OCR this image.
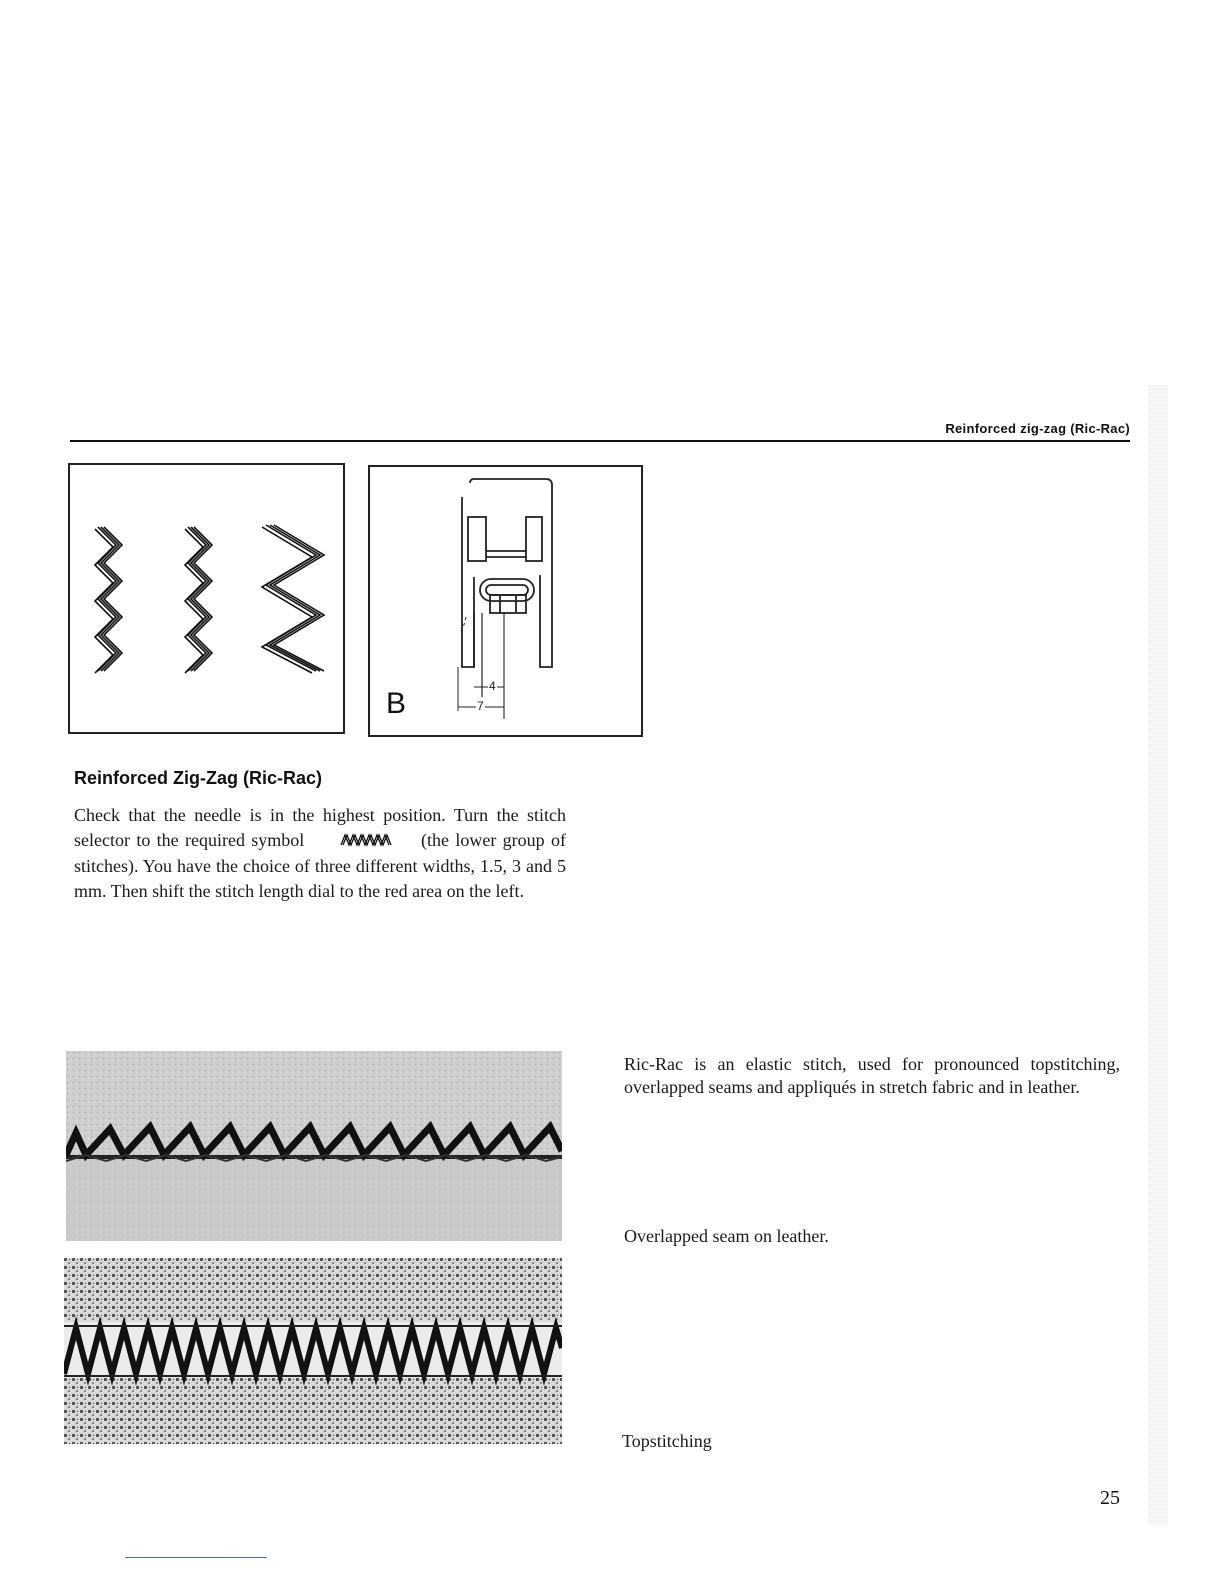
Reinforced zig-zag (Ric-Rac)
4
7
B
Reinforced Zig-Zag (Ric-Rac)
Check that the needle is in the highest position. Turn the stitch selector to the required symbol	(the lower group of stitches). You have the choice of three different widths, 1.5, 3 and 5 mm. Then shift the stitch length dial to the red area on the left.
Ric-Rac is an elastic stitch, used for pronounced topstitching, overlapped seams and appliqués in stretch fabric and in leather.
Overlapped seam on leather.
Topstitching
25
